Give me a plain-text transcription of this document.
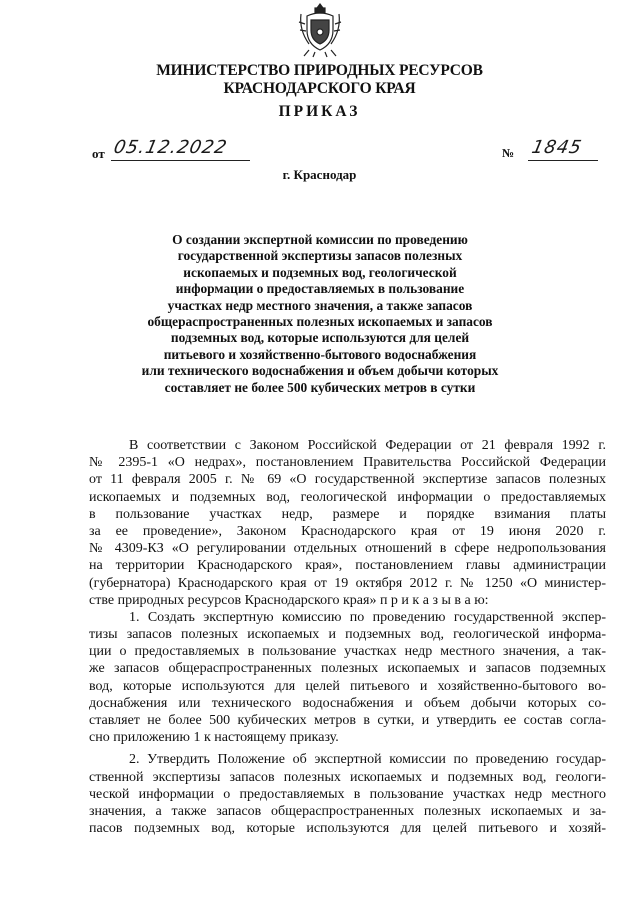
МИНИСТЕРСТВО ПРИРОДНЫХ РЕСУРСОВ
КРАСНОДАРСКОГО КРАЯ
ПРИКАЗ
от 05.12.2022	№ 1845
г. Краснодар
О создании экспертной комиссии по проведению
государственной экспертизы запасов полезных
ископаемых и подземных вод, геологической
информации о предоставляемых в пользование
участках недр местного значения, а также запасов
общераспространенных полезных ископаемых и запасов
подземных вод, которые используются для целей
питьевого и хозяйственно-бытового водоснабжения
или технического водоснабжения и объем добычи которых
составляет не более 500 кубических метров в сутки
В соответствии с Законом Российской Федерации от 21 февраля 1992 г.
№ 2395-1 «О недрах», постановлением Правительства Российской Федерации
от 11 февраля 2005 г. № 69 «О государственной экспертизе запасов полезных
ископаемых и подземных вод, геологической информации о предоставляемых
в пользование участках недр, размере и порядке взимания платы
за ее проведение», Законом Краснодарского края от 19 июня 2020 г.
№ 4309-КЗ «О регулировании отдельных отношений в сфере недропользования
на территории Краснодарского края», постановлением главы администрации
(губернатора) Краснодарского края от 19 октября 2012 г. № 1250 «О министер-
стве природных ресурсов Краснодарского края» п р и к а з ы в а ю:
1. Создать экспертную комиссию по проведению государственной экспер-
тизы запасов полезных ископаемых и подземных вод, геологической информа-
ции о предоставляемых в пользование участках недр местного значения, а так-
же запасов общераспространенных полезных ископаемых и запасов подземных
вод, которые используются для целей питьевого и хозяйственно-бытового во-
доснабжения или технического водоснабжения и объем добычи которых со-
ставляет не более 500 кубических метров в сутки, и утвердить ее состав согла-
сно приложению 1 к настоящему приказу.
2. Утвердить Положение об экспертной комиссии по проведению государ-
ственной экспертизы запасов полезных ископаемых и подземных вод, геологи-
ческой информации о предоставляемых в пользование участках недр местного
значения, а также запасов общераспространенных полезных ископаемых и за-
пасов подземных вод, которые используются для целей питьевого и хозяй-
